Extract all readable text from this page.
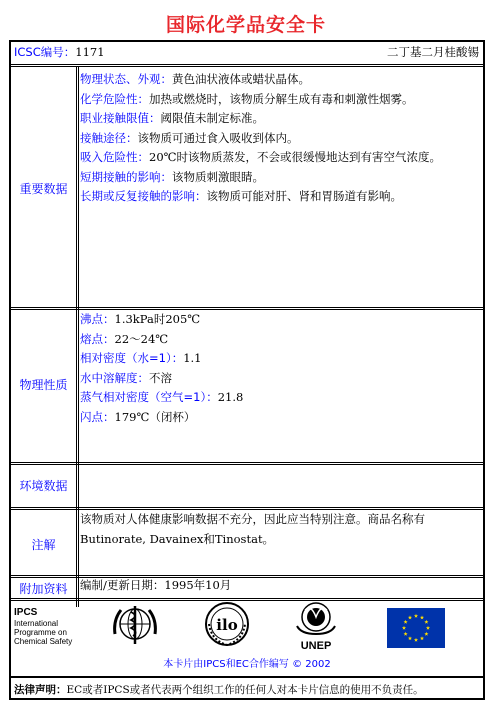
国际化学品安全卡
ICSC编号：1171	二丁基二月桂酸锡
重要数据
物理状态、外观：黄色油状液体或蜡状晶体。
化学危险性：加热或燃烧时，该物质分解生成有毒和刺激性烟雾。
职业接触限值：阈限值未制定标准。
接触途径：该物质可通过食入吸收到体内。
吸入危险性：20℃时该物质蒸发，不会或很缓慢地达到有害空气浓度。
短期接触的影响：该物质刺激眼睛。
长期或反复接触的影响：该物质可能对肝、肾和胃肠道有影响。
物理性质
沸点：1.3kPa时205℃
熔点：22～24℃
相对密度（水=1）：1.1
水中溶解度：不溶
蒸气相对密度（空气=1）：21.8
闪点：179℃（闭杯）
环境数据
注解
该物质对人体健康影响数据不充分，因此应当特别注意。商品名称有
Butinorate, Davainex和Tinostat。
附加资料	编制/更新日期：1995年10月
IPCS
International
Programme on
Chemical Safety
ilo
UNEP
本卡片由IPCS和EC合作编写 © 2002
法律声明：EC或者IPCS或者代表两个组织工作的任何人对本卡片信息的使用不负责任。
